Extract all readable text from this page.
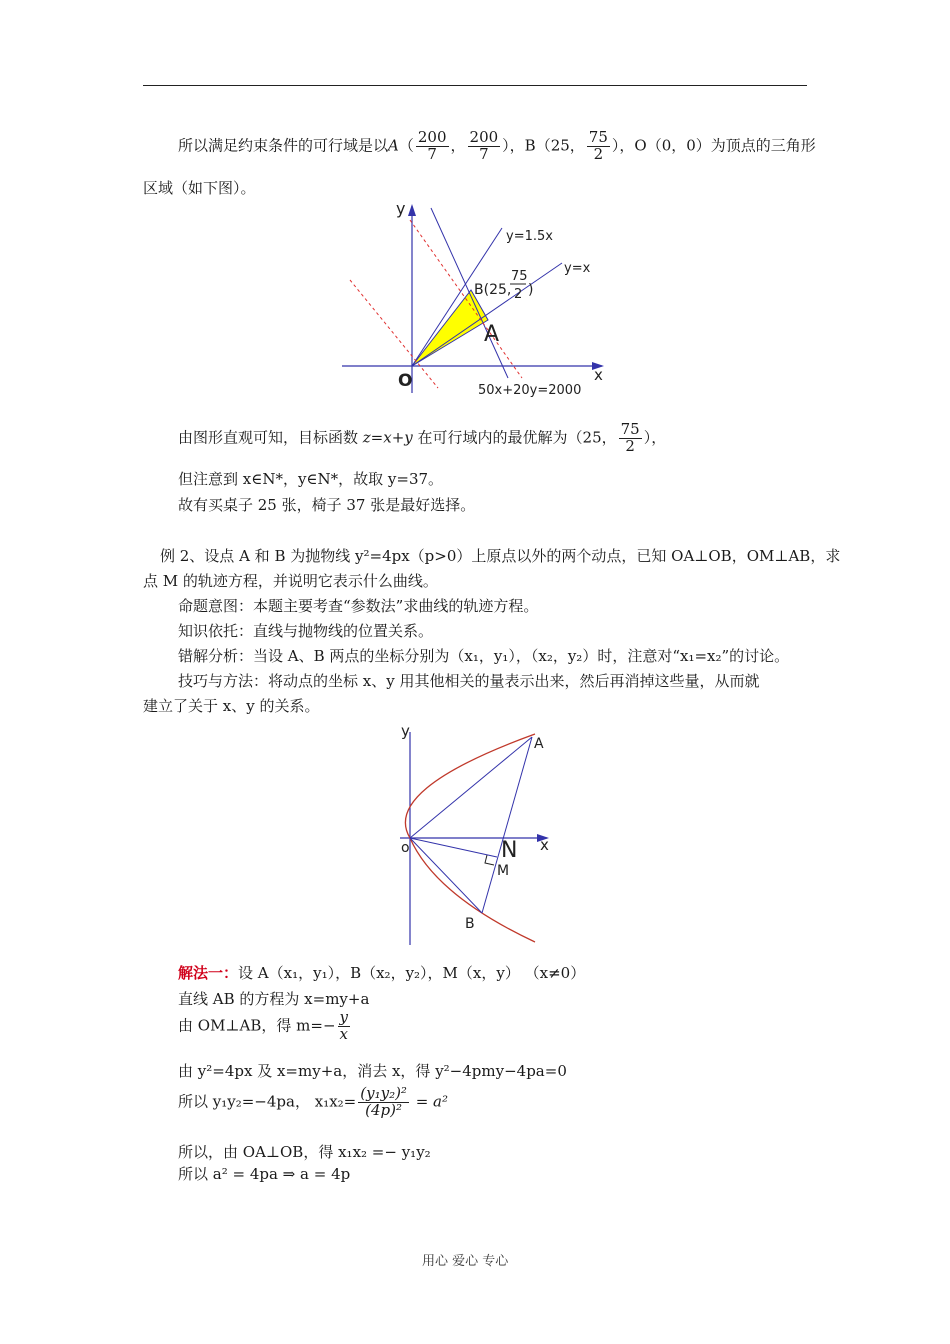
所以满足约束条件的可行域是以$A( \frac{200}{7}$ ， $\frac{200}{7}$ ），B（25， $\frac{75}{2}$ ），O（0，0）为顶点的三角形
区域（如下图）。
y
x
O
y=1.5x
y=x
B(25,
75
2 )
A
50x+20y=2000
由图形直观可知，目标函数 z=x+y 在可行域内的最优解为（25， $\frac{75}{2}$ ），
但注意到 x∈N*，y∈N*，故取 y=37。
故有买桌子 25 张，椅子 37 张是最好选择。
例 2、设点 A 和 B 为抛物线 y²=4px（p>0）上原点以外的两个动点，已知 OA⊥OB，OM⊥AB，求
点 M 的轨迹方程，并说明它表示什么曲线。
命题意图：本题主要考查“参数法”求曲线的轨迹方程。
知识依托：直线与抛物线的位置关系。
错解分析：当设 A、B 两点的坐标分别为（x₁，y₁），（x₂，y₂）时，注意对“x₁=x₂”的讨论。
技巧与方法：将动点的坐标 x、y 用其他相关的量表示出来，然后再消掉这些量，从而就
建立了关于 x、y 的关系。
y
x
o
A
B
N
M
解法一：设 A（x₁，y₁），B（x₂，y₂），M（x，y） （x≠0）
直线 AB 的方程为 x=my+a
由 OM⊥AB，得 $m=- \frac{y}{x}$
由 y²=4px 及 x=my+a，消去 x，得 y²−4pmy−4pa=0
所以 y₁y₂=−4pa， $x_1x_2= \frac{\text{(y₁y₂)²}}{\text{(4p)²}} = a^2$
所以，由 OA⊥OB，得 x₁x₂ =− y₁y₂
所以 a² = 4pa ⇒ a = 4p
用心 爱心 专心
